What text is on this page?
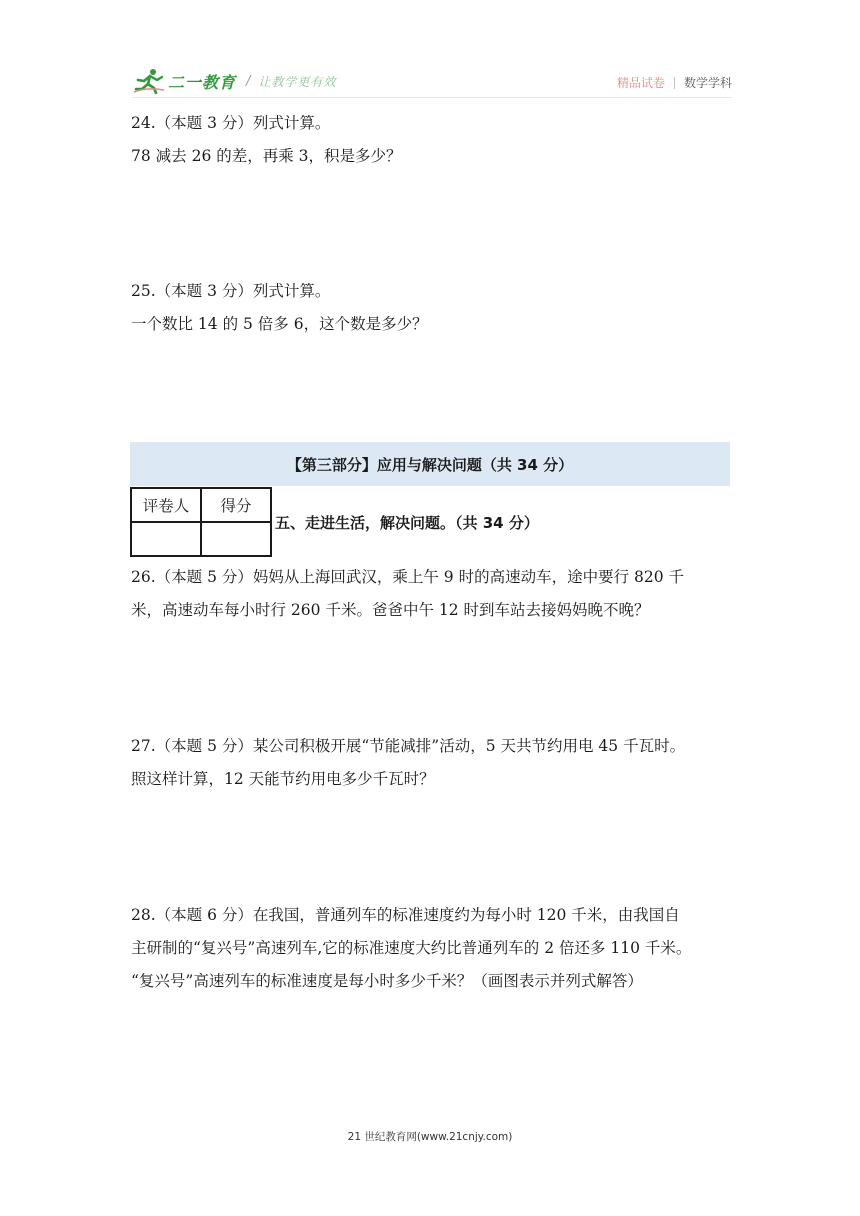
二一教育 / 让教学更有效	精品试卷 数学学科
24.（本题 3 分）列式计算。
78 减去 26 的差，再乘 3，积是多少？
25.（本题 3 分）列式计算。
一个数比 14 的 5 倍多 6，这个数是多少？
【第三部分】应用与解决问题（共 34 分）
评卷人	得分

五、走进生活，解决问题。（共 34 分）
26.（本题 5 分）妈妈从上海回武汉，乘上午 9 时的高速动车，途中要行 820 千
米，高速动车每小时行 260 千米。爸爸中午 12 时到车站去接妈妈晚不晚？
27.（本题 5 分）某公司积极开展“节能减排”活动，5 天共节约用电 45 千瓦时。
照这样计算，12 天能节约用电多少千瓦时？
28.（本题 6 分）在我国，普通列车的标准速度约为每小时 120 千米，由我国自
主研制的“复兴号”高速列车,它的标准速度大约比普通列车的 2 倍还多 110 千米。
“复兴号”高速列车的标准速度是每小时多少千米？（画图表示并列式解答）
21 世纪教育网(www.21cnjy.com)
